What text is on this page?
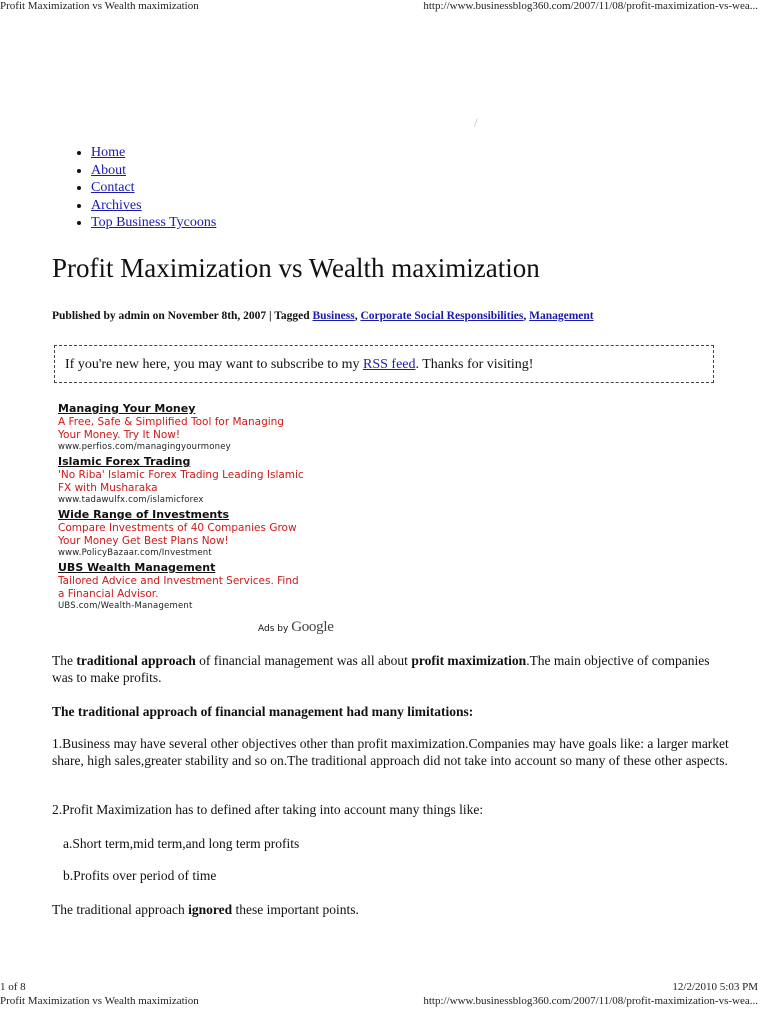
Profit Maximization vs Wealth maximization	http://www.businessblog360.com/2007/11/08/profit-maximization-vs-wea...
/
• Home
• About
• Contact
• Archives
• Top Business Tycoons
Profit Maximization vs Wealth maximization
Published by admin on November 8th, 2007 | Tagged Business, Corporate Social Responsibilities, Management
If you're new here, you may want to subscribe to my RSS feed. Thanks for visiting!
Managing Your Money
A Free, Safe & Simplified Tool for Managing
Your Money. Try It Now!
www.perfios.com/managingyourmoney
Islamic Forex Trading
'No Riba' Islamic Forex Trading Leading Islamic
FX with Musharaka
www.tadawulfx.com/islamicforex
Wide Range of Investments
Compare Investments of 40 Companies Grow
Your Money Get Best Plans Now!
www.PolicyBazaar.com/Investment
UBS Wealth Management
Tailored Advice and Investment Services. Find
a Financial Advisor.
UBS.com/Wealth-Management
Ads by Google

The traditional approach of financial management was all about profit maximization.The main objective of companies was to make profits.

The traditional approach of financial management had many limitations:

1.Business may have several other objectives other than profit maximization.Companies may have goals like: a larger market share, high sales,greater stability and so on.The traditional approach did not take into account so many of these other aspects.

2.Profit Maximization has to defined after taking into account many things like:

a.Short term,mid term,and long term profits

b.Profits over period of time

The traditional approach ignored these important points.

1 of 8	12/2/2010 5:03 PM
Profit Maximization vs Wealth maximization	http://www.businessblog360.com/2007/11/08/profit-maximization-vs-wea...
